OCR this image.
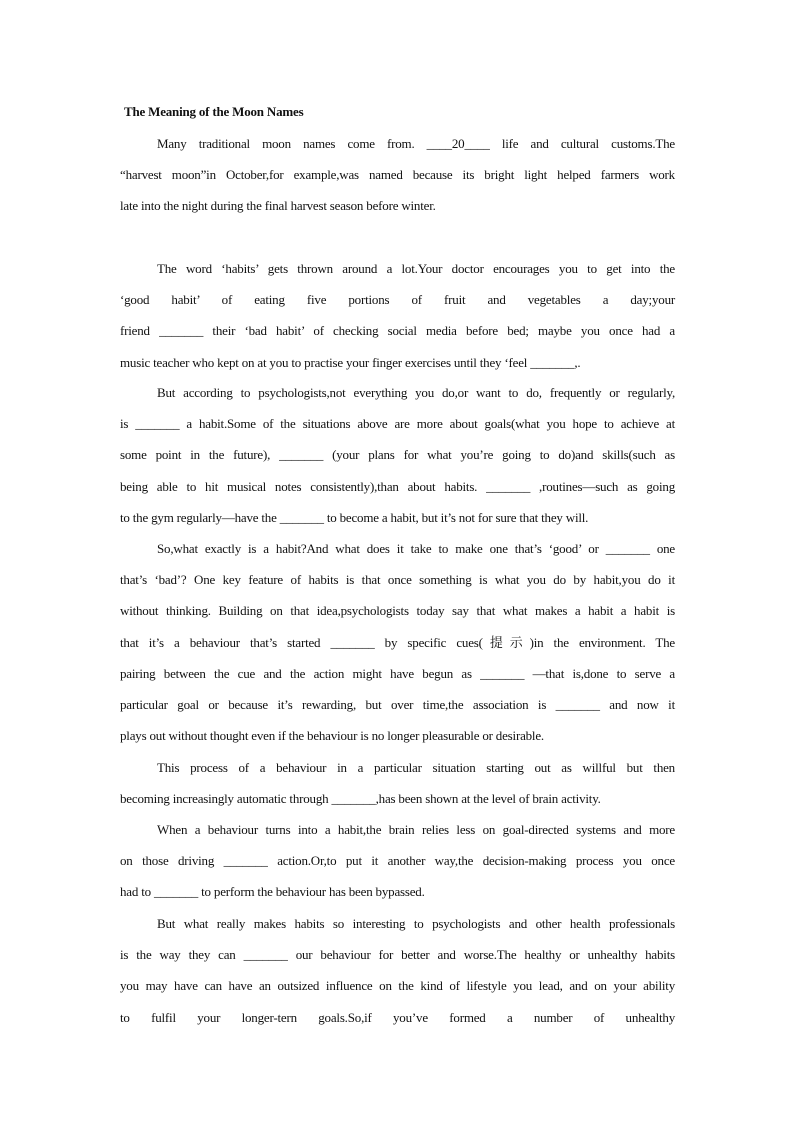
The Meaning of the Moon Names
Many traditional moon names come from. ____20____ life and cultural customs.The
“harvest moon”in October,for example,was named because its bright light helped farmers work
late into the night during the final harvest season before winter.
The word ‘habits’ gets thrown around a lot.Your doctor encourages you to get into the
‘good habit’ of eating five portions of fruit and vegetables a day;your
friend _______ their ‘bad habit’ of checking social media before bed; maybe you once had a
music teacher who kept on at you to practise your finger exercises until they ‘feel _______,.
But according to psychologists,not everything you do,or want to do, frequently or regularly,
is _______ a habit.Some of the situations above are more about goals(what you hope to achieve at
some point in the future), _______ (your plans for what you’re going to do)and skills(such as
being able to hit musical notes consistently),than about habits. _______ ,routines—such as going
to the gym regularly—have the _______ to become a habit, but it’s not for sure that they will.
So,what exactly is a habit?And what does it take to make one that’s ‘good’ or _______ one
that’s ‘bad’? One key feature of habits is that once something is what you do by habit,you do it
without thinking. Building on that idea,psychologists today say that what makes a habit a habit is
that it’s a behaviour that’s started _______ by specific cues(提示)in the environment. The
pairing between the cue and the action might have begun as _______ —that is,done to serve a
particular goal or because it’s rewarding, but over time,the association is _______ and now it
plays out without thought even if the behaviour is no longer pleasurable or desirable.
This process of a behaviour in a particular situation starting out as willful but then
becoming increasingly automatic through _______,has been shown at the level of brain activity.
When a behaviour turns into a habit,the brain relies less on goal-directed systems and more
on those driving _______ action.Or,to put it another way,the decision-making process you once
had to _______ to perform the behaviour has been bypassed.
But what really makes habits so interesting to psychologists and other health professionals
is the way they can _______ our behaviour for better and worse.The healthy or unhealthy habits
you may have can have an outsized influence on the kind of lifestyle you lead, and on your ability
to fulfil your longer-tern goals.So,if you’ve formed a number of unhealthy
